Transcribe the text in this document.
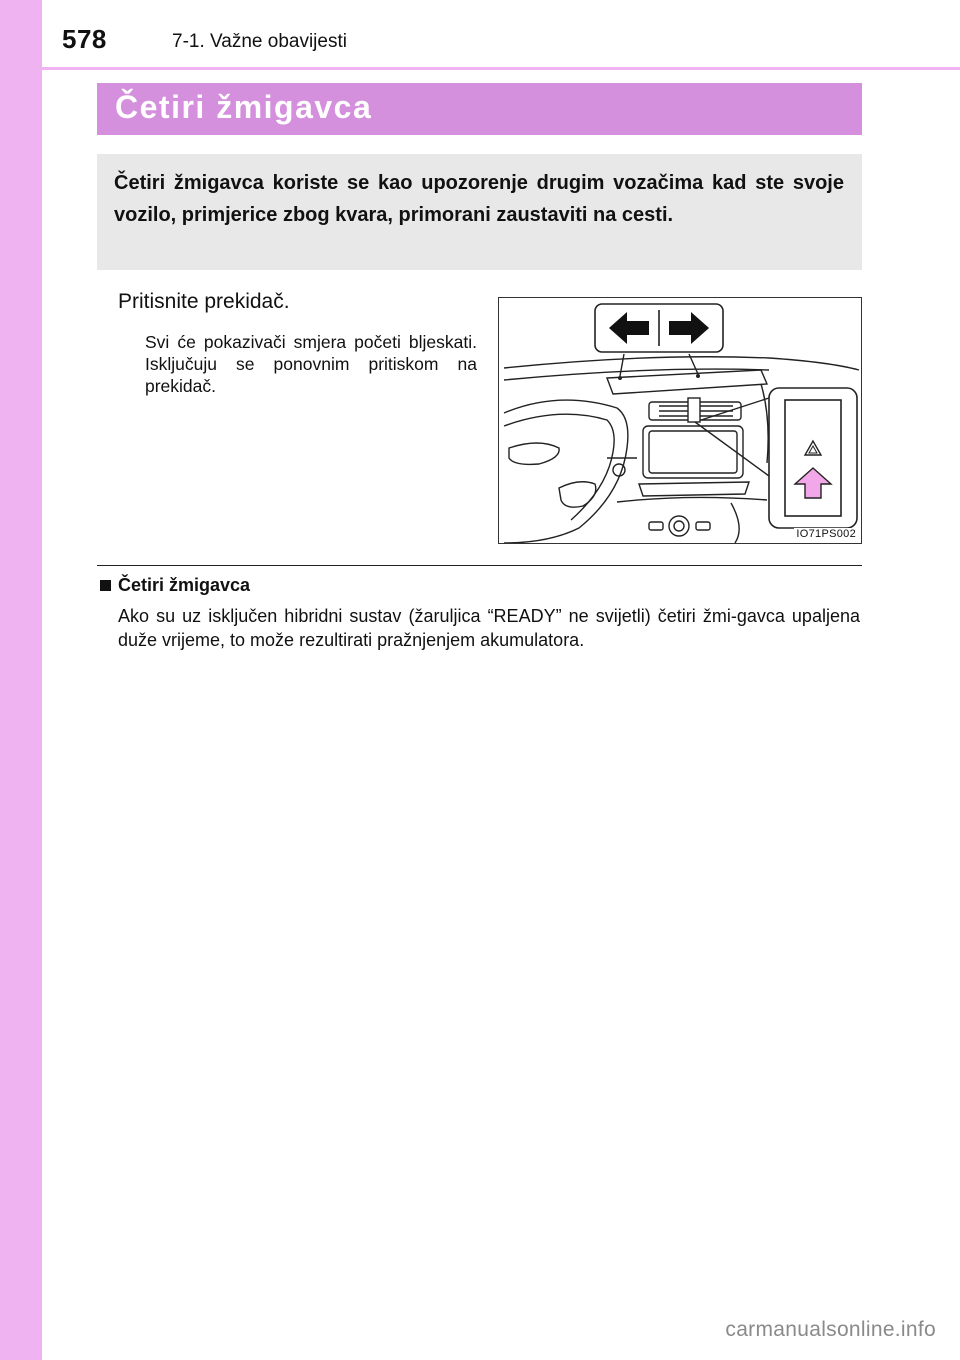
578	7-1. Važne obavijesti
Četiri žmigavca

Četiri žmigavca koriste se kao upozorenje drugim vozačima kad ste svoje vozilo, primjerice zbog kvara, primorani zaustaviti na cesti.

Pritisnite prekidač.

Svi će pokazivači smjera početi bljeskati. Isključuju se ponovnim pritiskom na prekidač.

IO71PS002
Četiri žmigavca

Ako su uz isključen hibridni sustav (žaruljica “READY” ne svijetli) četiri žmi-gavca upaljena duže vrijeme, to može rezultirati pražnjenjem akumulatora.

carmanualsonline.info
